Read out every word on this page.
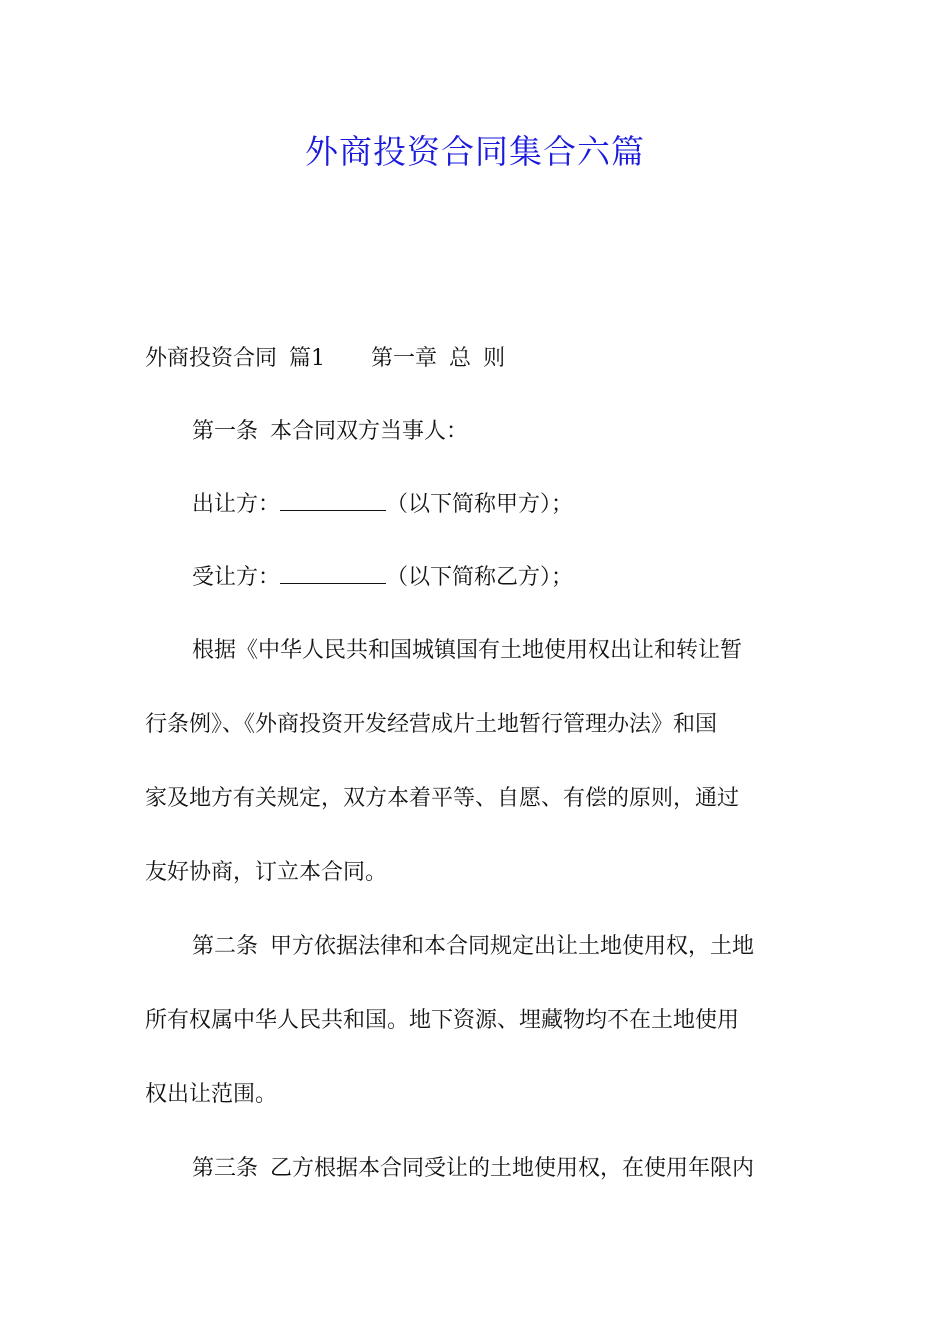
外商投资合同集合六篇
外商投资合同 篇1 第一章 总 则
第一条 本合同双方当事人：
出让方：	（以下简称甲方）；
受让方：	（以下简称乙方）；
根据《中华人民共和国城镇国有土地使用权出让和转让暂
行条例》、《外商投资开发经营成片土地暂行管理办法》和国
家及地方有关规定，双方本着平等、自愿、有偿的原则，通过
友好协商，订立本合同。
第二条 甲方依据法律和本合同规定出让土地使用权，土地
所有权属中华人民共和国。地下资源、埋藏物均不在土地使用
权出让范围。
第三条 乙方根据本合同受让的土地使用权，在使用年限内
